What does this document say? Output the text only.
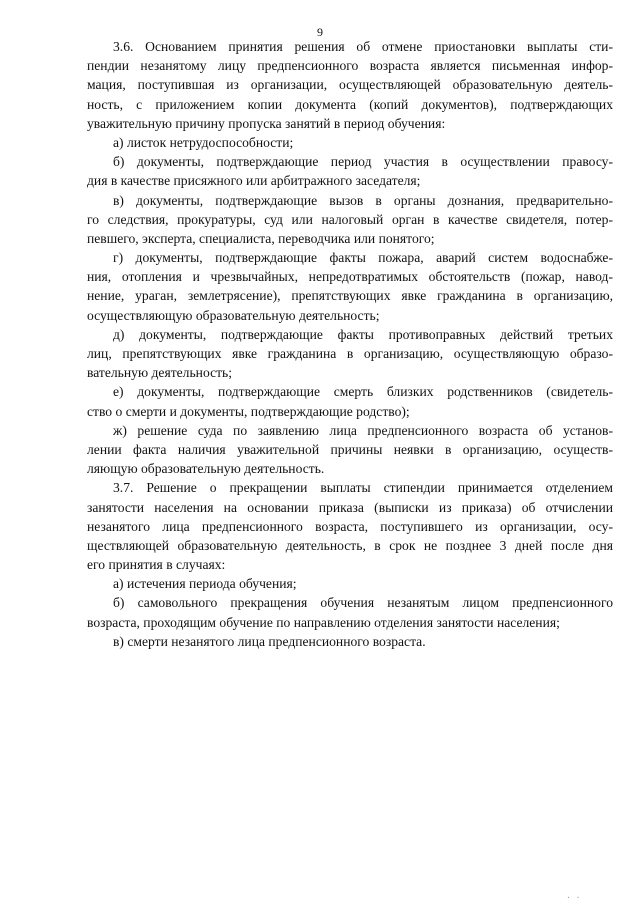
9
3.6. Основанием принятия решения об отмене приостановки выплаты сти-
пендии незанятому лицу предпенсионного возраста является письменная инфор-
мация, поступившая из организации, осуществляющей образовательную деятель-
ность, с приложением копии документа (копий документов), подтверждающих
уважительную причину пропуска занятий в период обучения:
а) листок нетрудоспособности;
б) документы, подтверждающие период участия в осуществлении правосу-
дия в качестве присяжного или арбитражного заседателя;
в) документы, подтверждающие вызов в органы дознания, предварительно-
го следствия, прокуратуры, суд или налоговый орган в качестве свидетеля, потер-
певшего, эксперта, специалиста, переводчика или понятого;
г) документы, подтверждающие факты пожара, аварий систем водоснабже-
ния, отопления и чрезвычайных, непредотвратимых обстоятельств (пожар, навод-
нение, ураган, землетрясение), препятствующих явке гражданина в организацию,
осуществляющую образовательную деятельность;
д) документы, подтверждающие факты противоправных действий третьих
лиц, препятствующих явке гражданина в организацию, осуществляющую образо-
вательную деятельность;
е) документы, подтверждающие смерть близких родственников (свидетель-
ство о смерти и документы, подтверждающие родство);
ж) решение суда по заявлению лица предпенсионного возраста об установ-
лении факта наличия уважительной причины неявки в организацию, осуществ-
ляющую образовательную деятельность.
3.7. Решение о прекращении выплаты стипендии принимается отделением
занятости населения на основании приказа (выписки из приказа) об отчислении
незанятого лица предпенсионного возраста, поступившего из организации, осу-
ществляющей образовательную деятельность, в срок не позднее 3 дней после дня
его принятия в случаях:
а) истечения периода обучения;
б) самовольного прекращения обучения незанятым лицом предпенсионного
возраста, проходящим обучение по направлению отделения занятости населения;
в) смерти незанятого лица предпенсионного возраста.
· ·
